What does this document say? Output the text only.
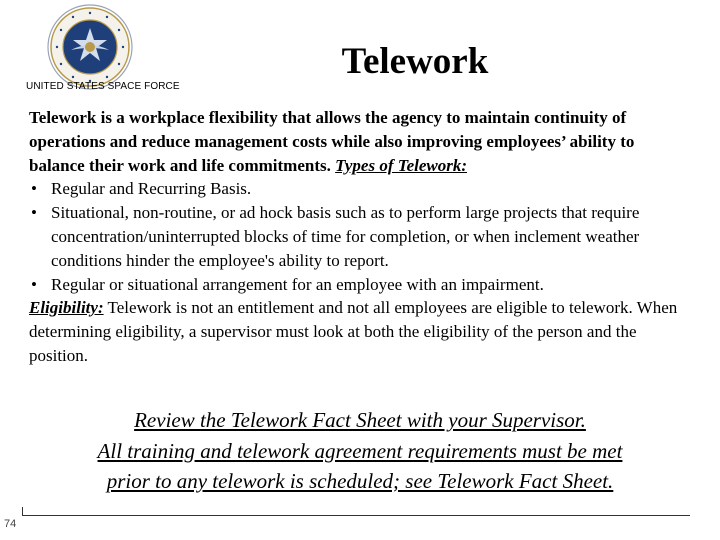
UNITED STATES SPACE FORCE
Telework

Telework is a workplace flexibility that allows the agency to maintain continuity of operations and reduce management costs while also improving employees’ ability to balance their work and life commitments. Types of Telework:

• Regular and Recurring Basis.
• Situational, non-routine, or ad hock basis such as to perform large projects that require concentration/uninterrupted blocks of time for completion, or when inclement weather conditions hinder the employee's ability to report.
• Regular or situational arrangement for an employee with an impairment.

Eligibility: Telework is not an entitlement and not all employees are eligible to telework. When determining eligibility, a supervisor must look at both the eligibility of the person and the position.

Review the Telework Fact Sheet with your Supervisor.
All training and telework agreement requirements must be met
prior to any telework is scheduled; see Telework Fact Sheet.
74
